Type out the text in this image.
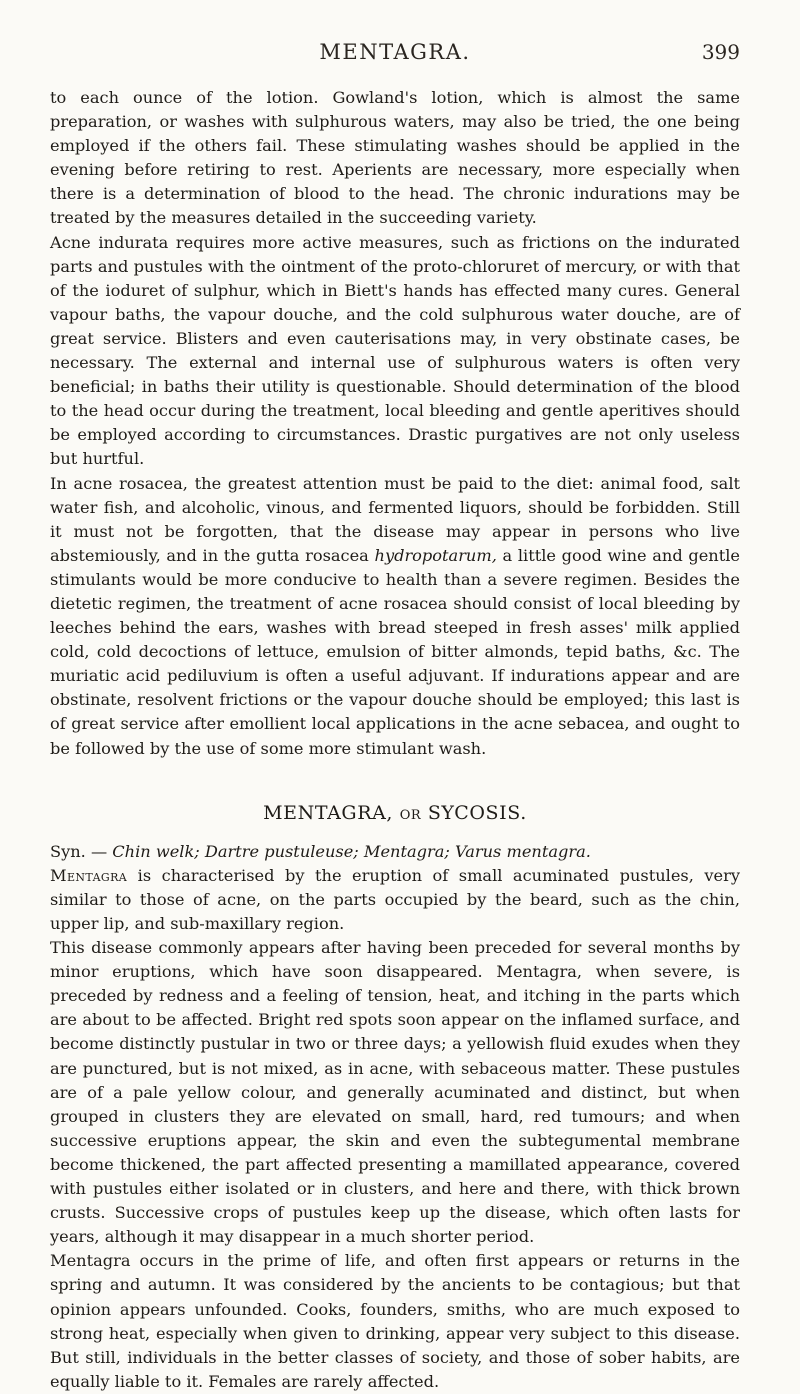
MENTAGRA.	399

to each ounce of the lotion. Gowland's lotion, which is almost the same preparation, or washes with sulphurous waters, may also be tried, the one being employed if the others fail. These stimulating washes should be applied in the evening before retiring to rest. Aperients are necessary, more especially when there is a determination of blood to the head. The chronic indurations may be treated by the measures detailed in the succeeding variety.

Acne indurata requires more active measures, such as frictions on the indurated parts and pustules with the ointment of the proto-chloruret of mercury, or with that of the ioduret of sulphur, which in Biett's hands has effected many cures. General vapour baths, the vapour douche, and the cold sulphurous water douche, are of great service. Blisters and even cauterisations may, in very obstinate cases, be necessary. The external and internal use of sulphurous waters is often very beneficial; in baths their utility is questionable. Should determination of the blood to the head occur during the treatment, local bleeding and gentle aperitives should be employed according to circumstances. Drastic purgatives are not only useless but hurtful.

In acne rosacea, the greatest attention must be paid to the diet: animal food, salt water fish, and alcoholic, vinous, and fermented liquors, should be forbidden. Still it must not be forgotten, that the disease may appear in persons who live abstemiously, and in the gutta rosacea hydropotarum, a little good wine and gentle stimulants would be more conducive to health than a severe regimen. Besides the dietetic regimen, the treatment of acne rosacea should consist of local bleeding by leeches behind the ears, washes with bread steeped in fresh asses' milk applied cold, cold decoctions of lettuce, emulsion of bitter almonds, tepid baths, &c. The muriatic acid pediluvium is often a useful adjuvant. If indurations appear and are obstinate, resolvent frictions or the vapour douche should be employed; this last is of great service after emollient local applications in the acne sebacea, and ought to be followed by the use of some more stimulant wash.

MENTAGRA, OR SYCOSIS.

Syn. — Chin welk; Dartre pustuleuse; Mentagra; Varus mentagra.

Mentagra is characterised by the eruption of small acuminated pustules, very similar to those of acne, on the parts occupied by the beard, such as the chin, upper lip, and sub-maxillary region.

This disease commonly appears after having been preceded for several months by minor eruptions, which have soon disappeared. Mentagra, when severe, is preceded by redness and a feeling of tension, heat, and itching in the parts which are about to be affected. Bright red spots soon appear on the inflamed surface, and become distinctly pustular in two or three days; a yellowish fluid exudes when they are punctured, but is not mixed, as in acne, with sebaceous matter. These pustules are of a pale yellow colour, and generally acuminated and distinct, but when grouped in clusters they are elevated on small, hard, red tumours; and when successive eruptions appear, the skin and even the subtegumental membrane become thickened, the part affected presenting a mamillated appearance, covered with pustules either isolated or in clusters, and here and there, with thick brown crusts. Successive crops of pustules keep up the disease, which often lasts for years, although it may disappear in a much shorter period.

Mentagra occurs in the prime of life, and often first appears or returns in the spring and autumn. It was considered by the ancients to be contagious; but that opinion appears unfounded. Cooks, founders, smiths, who are much exposed to strong heat, especially when given to drinking, appear very subject to this disease. But still, individuals in the better classes of society, and those of sober habits, are equally liable to it. Females are rarely affected.
